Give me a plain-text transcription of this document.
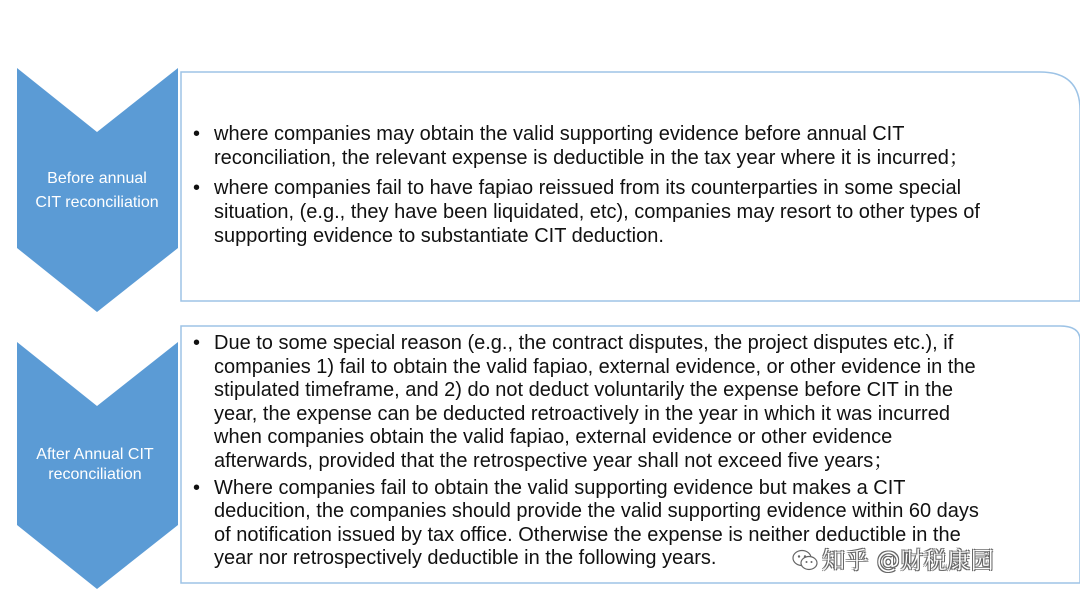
Before annual
CIT reconciliation
After Annual CIT
reconciliation
• where companies may obtain the valid supporting evidence before annual CIT
reconciliation, the relevant expense is deductible in the tax year where it is incurred；
• where companies fail to have fapiao reissued from its counterparties in some special
situation, (e.g., they have been liquidated, etc), companies may resort to other types of
supporting evidence to substantiate CIT deduction.
• Due to some special reason (e.g., the contract disputes, the project disputes etc.), if
companies 1) fail to obtain the valid fapiao, external evidence, or other evidence in the
stipulated timeframe, and 2) do not deduct voluntarily the expense before CIT in the
year, the expense can be deducted retroactively in the year in which it was incurred
when companies obtain the valid fapiao, external evidence or other evidence
afterwards, provided that the retrospective year shall not exceed five years；
• Where companies fail to obtain the valid supporting evidence but makes a CIT
deducition, the companies should provide the valid supporting evidence within 60 days
of notification issued by tax office. Otherwise the expense is neither deductible in the
year nor retrospectively deductible in the following years.	知乎 @财税康园
